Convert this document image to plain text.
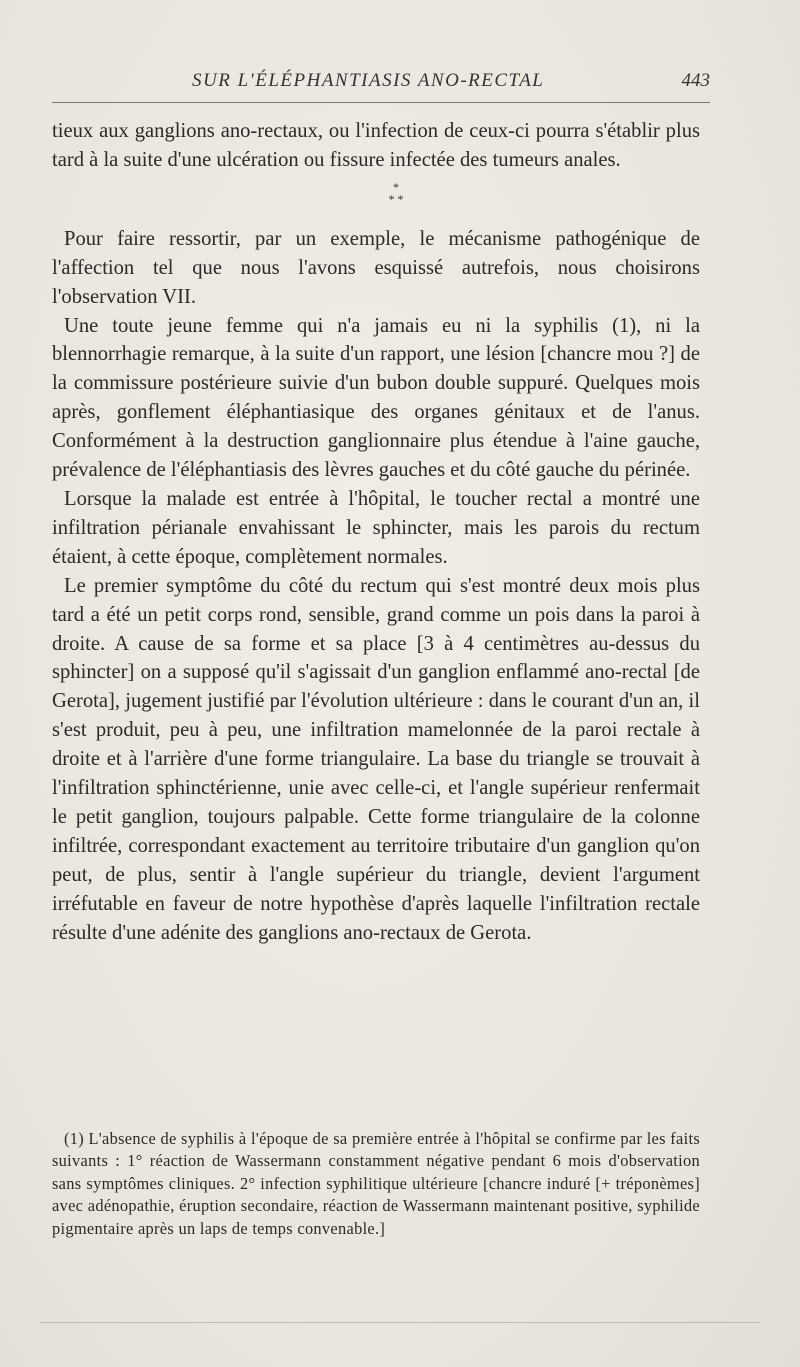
SUR L'ÉLÉPHANTIASIS ANO-RECTAL	443

tieux aux ganglions ano-rectaux, ou l'infection de ceux-ci pourra s'établir plus tard à la suite d'une ulcération ou fissure infectée des tumeurs anales.

*
* *

Pour faire ressortir, par un exemple, le mécanisme pathogénique de l'affection tel que nous l'avons esquissé autrefois, nous choisirons l'observation VII.

Une toute jeune femme qui n'a jamais eu ni la syphilis (1), ni la blennorrhagie remarque, à la suite d'un rapport, une lésion [chancre mou ?] de la commissure postérieure suivie d'un bubon double suppuré. Quelques mois après, gonflement éléphantiasique des organes génitaux et de l'anus. Conformément à la destruction ganglionnaire plus étendue à l'aine gauche, prévalence de l'éléphantiasis des lèvres gauches et du côté gauche du périnée.

Lorsque la malade est entrée à l'hôpital, le toucher rectal a montré une infiltration périanale envahissant le sphincter, mais les parois du rectum étaient, à cette époque, complètement normales.

Le premier symptôme du côté du rectum qui s'est montré deux mois plus tard a été un petit corps rond, sensible, grand comme un pois dans la paroi à droite. A cause de sa forme et sa place [3 à 4 centimètres au-dessus du sphincter] on a supposé qu'il s'agissait d'un ganglion enflammé ano-rectal [de Gerota], jugement justifié par l'évolution ultérieure : dans le courant d'un an, il s'est produit, peu à peu, une infiltration mamelonnée de la paroi rectale à droite et à l'arrière d'une forme triangulaire. La base du triangle se trouvait à l'infiltration sphinctérienne, unie avec celle-ci, et l'angle supérieur renfermait le petit ganglion, toujours palpable. Cette forme triangulaire de la colonne infiltrée, correspondant exactement au territoire tributaire d'un ganglion qu'on peut, de plus, sentir à l'angle supérieur du triangle, devient l'argument irréfutable en faveur de notre hypothèse d'après laquelle l'infiltration rectale résulte d'une adénite des ganglions ano-rectaux de Gerota.

(1) L'absence de syphilis à l'époque de sa première entrée à l'hôpital se confirme par les faits suivants : 1° réaction de Wassermann constamment négative pendant 6 mois d'observation sans symptômes cliniques. 2° infection syphilitique ultérieure [chancre induré [+ tréponèmes] avec adénopathie, éruption secondaire, réaction de Wassermann maintenant positive, syphilide pigmentaire après un laps de temps convenable.]
